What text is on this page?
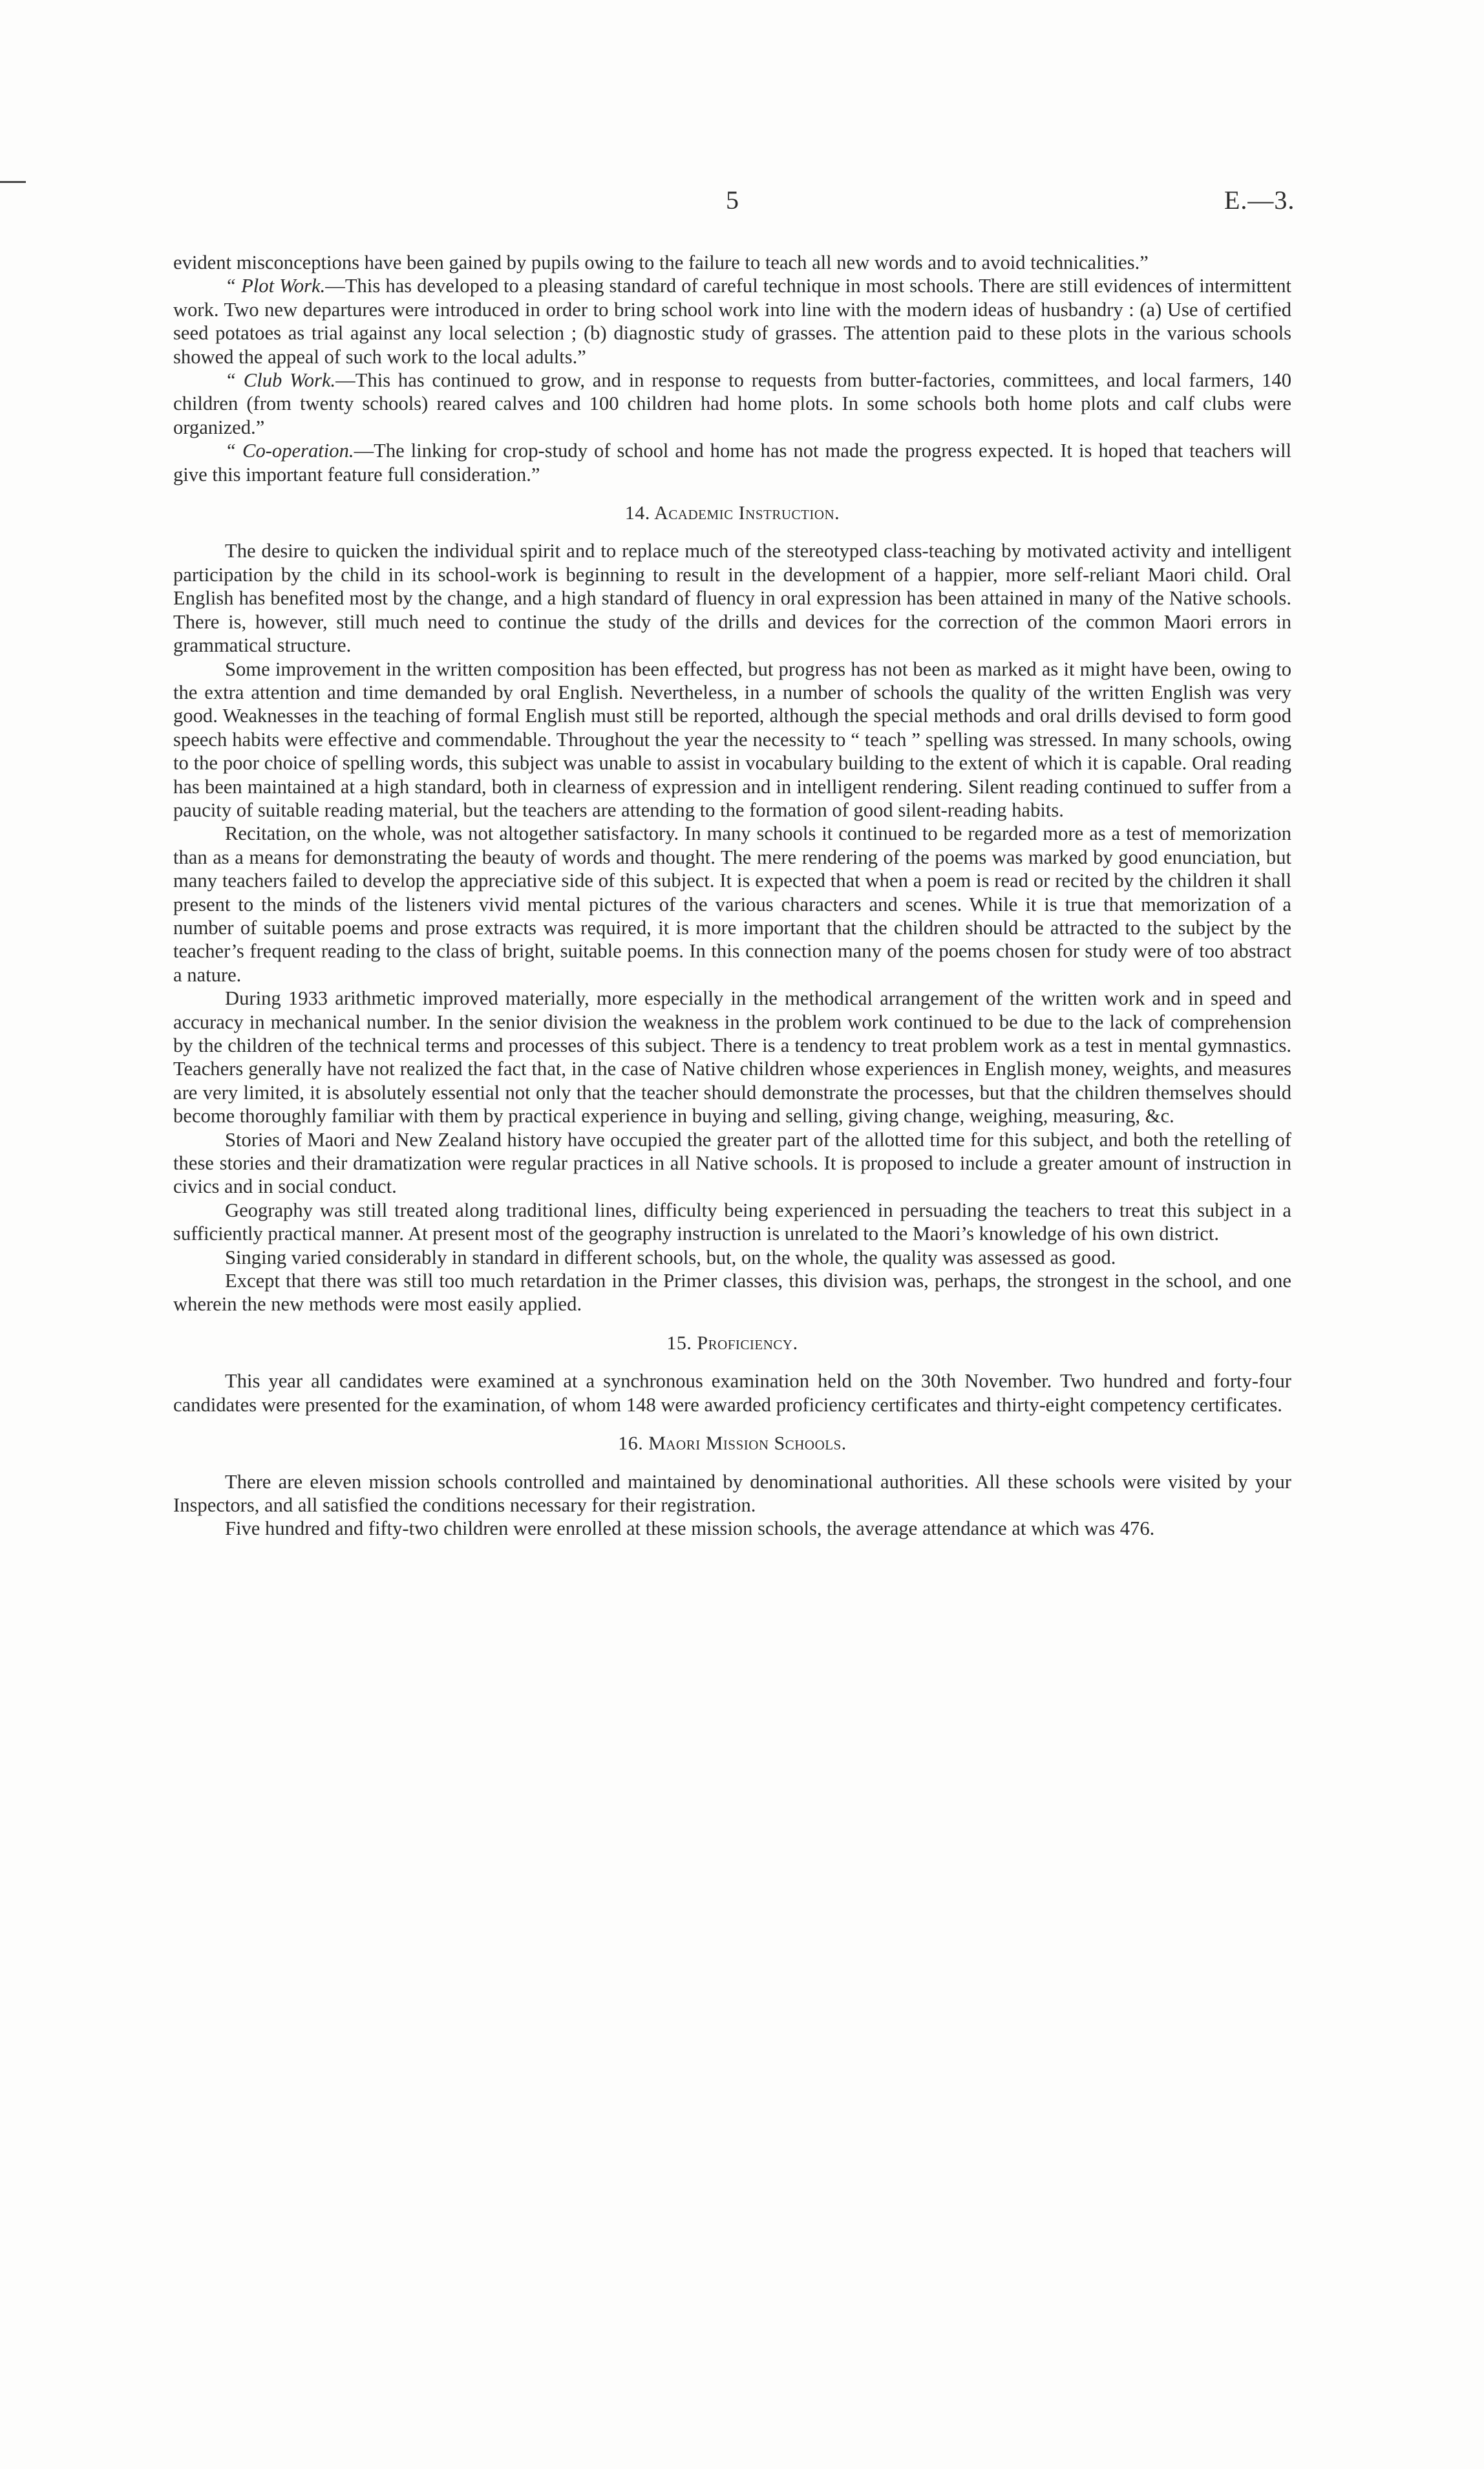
5	E.—3.

evident misconceptions have been gained by pupils owing to the failure to teach all new words and to avoid technicalities.”

“ Plot Work.—This has developed to a pleasing standard of careful technique in most schools. There are still evidences of intermittent work. Two new departures were introduced in order to bring school work into line with the modern ideas of husbandry : (a) Use of certified seed potatoes as trial against any local selection ; (b) diagnostic study of grasses. The attention paid to these plots in the various schools showed the appeal of such work to the local adults.”

“ Club Work.—This has continued to grow, and in response to requests from butter-factories, committees, and local farmers, 140 children (from twenty schools) reared calves and 100 children had home plots. In some schools both home plots and calf clubs were organized.”

“ Co-operation.—The linking for crop-study of school and home has not made the progress expected. It is hoped that teachers will give this important feature full consideration.”

14. Academic Instruction.

The desire to quicken the individual spirit and to replace much of the stereotyped class-teaching by motivated activity and intelligent participation by the child in its school-work is beginning to result in the development of a happier, more self-reliant Maori child. Oral English has benefited most by the change, and a high standard of fluency in oral expression has been attained in many of the Native schools. There is, however, still much need to continue the study of the drills and devices for the correction of the common Maori errors in grammatical structure.

Some improvement in the written composition has been effected, but progress has not been as marked as it might have been, owing to the extra attention and time demanded by oral English. Nevertheless, in a number of schools the quality of the written English was very good. Weaknesses in the teaching of formal English must still be reported, although the special methods and oral drills devised to form good speech habits were effective and commendable. Throughout the year the necessity to “ teach ” spelling was stressed. In many schools, owing to the poor choice of spelling words, this subject was unable to assist in vocabulary building to the extent of which it is capable. Oral reading has been maintained at a high standard, both in clearness of expression and in intelligent rendering. Silent reading continued to suffer from a paucity of suitable reading material, but the teachers are attending to the formation of good silent-reading habits.

Recitation, on the whole, was not altogether satisfactory. In many schools it continued to be regarded more as a test of memorization than as a means for demonstrating the beauty of words and thought. The mere rendering of the poems was marked by good enunciation, but many teachers failed to develop the appreciative side of this subject. It is expected that when a poem is read or recited by the children it shall present to the minds of the listeners vivid mental pictures of the various characters and scenes. While it is true that memorization of a number of suitable poems and prose extracts was required, it is more important that the children should be attracted to the subject by the teacher’s frequent reading to the class of bright, suitable poems. In this connection many of the poems chosen for study were of too abstract a nature.

During 1933 arithmetic improved materially, more especially in the methodical arrangement of the written work and in speed and accuracy in mechanical number. In the senior division the weakness in the problem work continued to be due to the lack of comprehension by the children of the technical terms and processes of this subject. There is a tendency to treat problem work as a test in mental gymnastics. Teachers generally have not realized the fact that, in the case of Native children whose experiences in English money, weights, and measures are very limited, it is absolutely essential not only that the teacher should demonstrate the processes, but that the children themselves should become thoroughly familiar with them by practical experience in buying and selling, giving change, weighing, measuring, &c.

Stories of Maori and New Zealand history have occupied the greater part of the allotted time for this subject, and both the retelling of these stories and their dramatization were regular practices in all Native schools. It is proposed to include a greater amount of instruction in civics and in social conduct.

Geography was still treated along traditional lines, difficulty being experienced in persuading the teachers to treat this subject in a sufficiently practical manner. At present most of the geography instruction is unrelated to the Maori’s knowledge of his own district.

Singing varied considerably in standard in different schools, but, on the whole, the quality was assessed as good.

Except that there was still too much retardation in the Primer classes, this division was, perhaps, the strongest in the school, and one wherein the new methods were most easily applied.

15. Proficiency.

This year all candidates were examined at a synchronous examination held on the 30th November. Two hundred and forty-four candidates were presented for the examination, of whom 148 were awarded proficiency certificates and thirty-eight competency certificates.

16. Maori Mission Schools.

There are eleven mission schools controlled and maintained by denominational authorities. All these schools were visited by your Inspectors, and all satisfied the conditions necessary for their registration.

Five hundred and fifty-two children were enrolled at these mission schools, the average attendance at which was 476.
